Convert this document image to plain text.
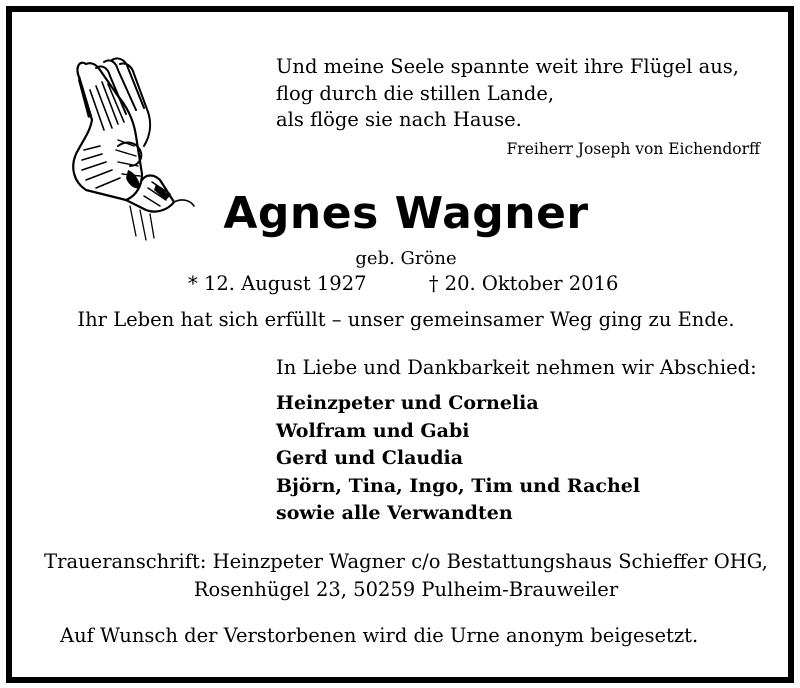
Und meine Seele spannte weit ihre Flügel aus,
flog durch die stillen Lande,
als flöge sie nach Hause.
Freiherr Joseph von Eichendorff
Agnes Wagner
geb. Gröne
* 12. August 1927	† 20. Oktober 2016
Ihr Leben hat sich erfüllt – unser gemeinsamer Weg ging zu Ende.
In Liebe und Dankbarkeit nehmen wir Abschied:
Heinzpeter und Cornelia
Wolfram und Gabi
Gerd und Claudia
Björn, Tina, Ingo, Tim und Rachel
sowie alle Verwandten
Traueranschrift: Heinzpeter Wagner c/o Bestattungshaus Schieffer OHG,
Rosenhügel 23, 50259 Pulheim-Brauweiler
Auf Wunsch der Verstorbenen wird die Urne anonym beigesetzt.
